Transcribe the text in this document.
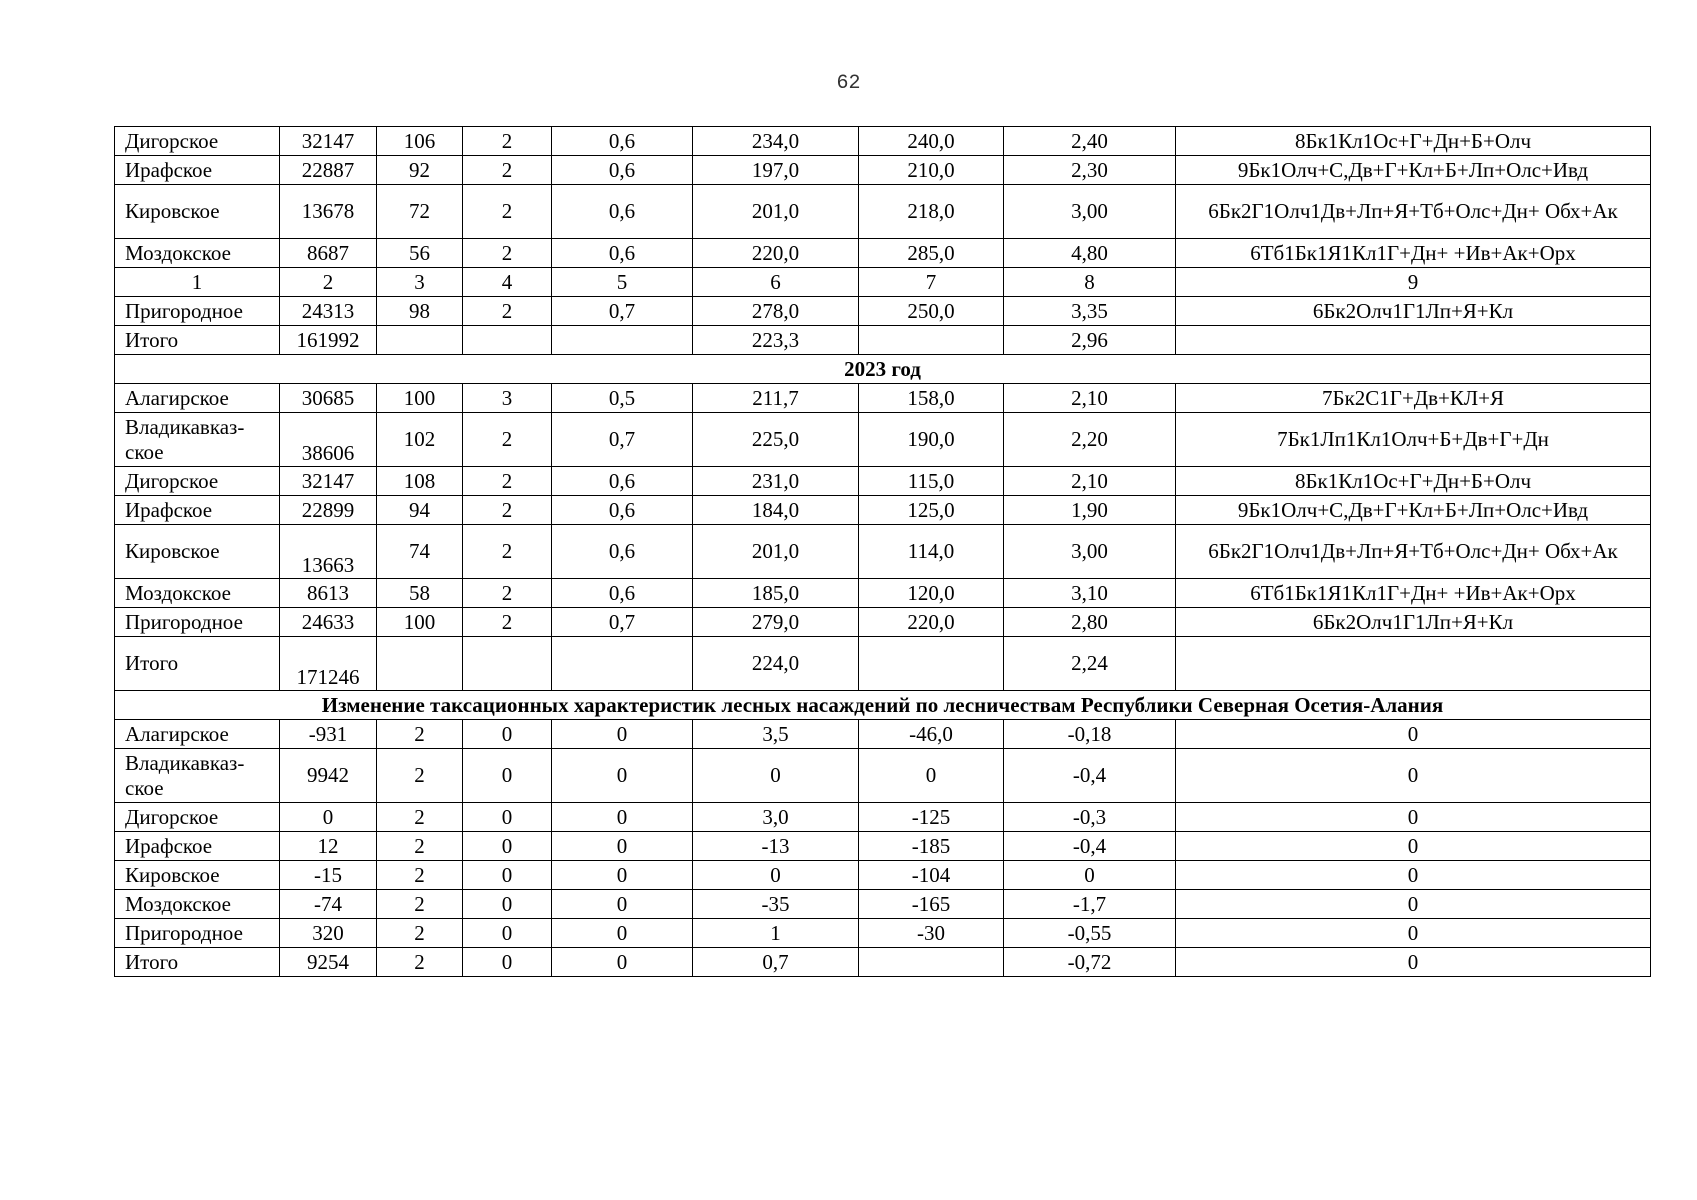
62
Дигорское	32147	106	2	0,6	234,0	240,0	2,40	8Бк1Кл1Ос+Г+Дн+Б+Олч
Ирафское	22887	92	2	0,6	197,0	210,0	2,30	9Бк1Олч+С,Дв+Г+Кл+Б+Лп+Олс+Ивд
Кировское	13678	72	2	0,6	201,0	218,0	3,00	6Бк2Г1Олч1Дв+Лп+Я+Тб+Олс+Дн+ Обх+Ак
Моздокское	8687	56	2	0,6	220,0	285,0	4,80	6Тб1Бк1Я1Кл1Г+Дн+ +Ив+Ак+Орх
1	2	3	4	5	6	7	8	9
Пригородное	24313	98	2	0,7	278,0	250,0	3,35	6Бк2Олч1Г1Лп+Я+Кл
Итого	161992				223,3		2,96	
2023 год								
Алагирское	30685	100	3	0,5	211,7	158,0	2,10	7Бк2С1Г+Дв+КЛ+Я
Владикавказ-ское	38606	102	2	0,7	225,0	190,0	2,20	7Бк1Лп1Кл1Олч+Б+Дв+Г+Дн
Дигорское	32147	108	2	0,6	231,0	115,0	2,10	8Бк1Кл1Ос+Г+Дн+Б+Олч
Ирафское	22899	94	2	0,6	184,0	125,0	1,90	9Бк1Олч+С,Дв+Г+Кл+Б+Лп+Олс+Ивд
Кировское	13663	74	2	0,6	201,0	114,0	3,00	6Бк2Г1Олч1Дв+Лп+Я+Тб+Олс+Дн+ Обх+Ак
Моздокское	8613	58	2	0,6	185,0	120,0	3,10	6Тб1Бк1Я1Кл1Г+Дн+ +Ив+Ак+Орх
Пригородное	24633	100	2	0,7	279,0	220,0	2,80	6Бк2Олч1Г1Лп+Я+Кл
Итого	171246				224,0		2,24	
Изменение таксационных характеристик лесных насаждений по лесничествам Республики Северная Осетия-Алания								
Алагирское	-931	2	0	0	3,5	-46,0	-0,18	0
Владикавказ-ское	9942	2	0	0	0	0	-0,4	0
Дигорское	0	2	0	0	3,0	-125	-0,3	0
Ирафское	12	2	0	0	-13	-185	-0,4	0
Кировское	-15	2	0	0	0	-104	0	0
Моздокское	-74	2	0	0	-35	-165	-1,7	0
Пригородное	320	2	0	0	1	-30	-0,55	0
Итого	9254	2	0	0	0,7		-0,72	0
